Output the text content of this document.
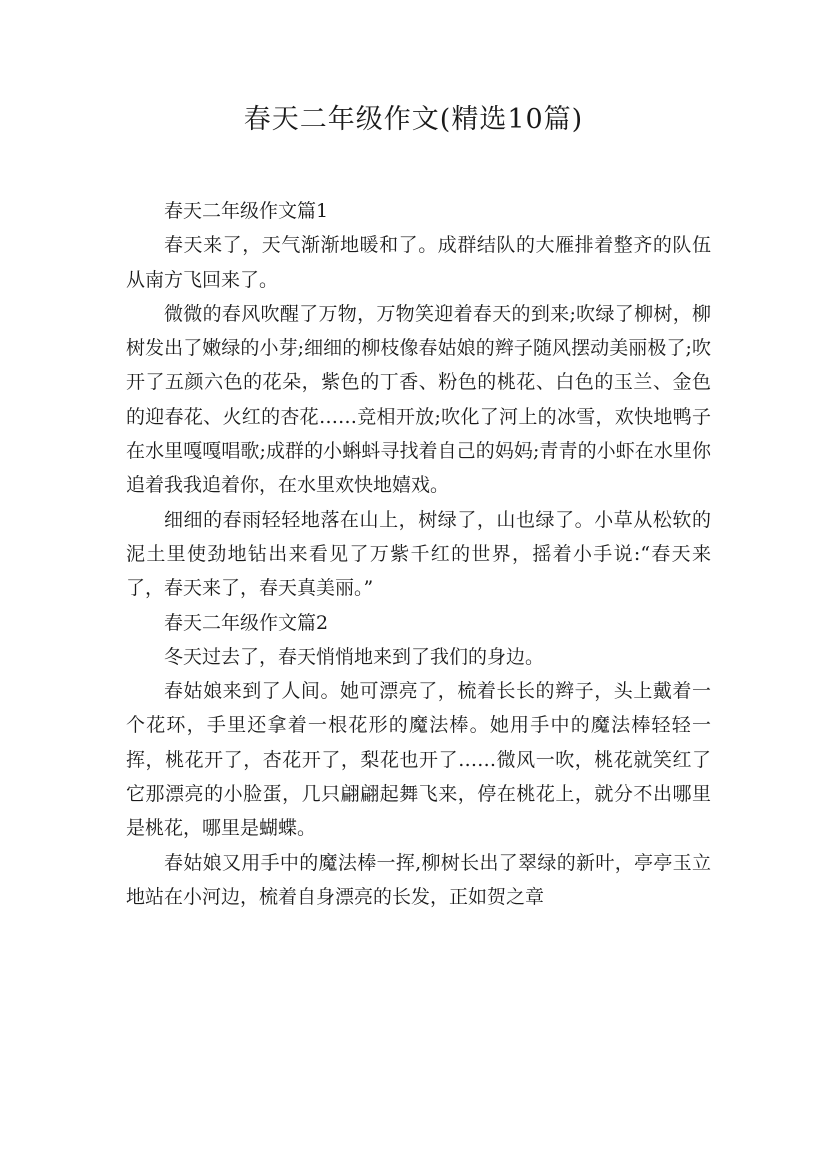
春天二年级作文(精选10篇)

春天二年级作文篇1

春天来了，天气渐渐地暖和了。成群结队的大雁排着整齐的队伍从南方飞回来了。

微微的春风吹醒了万物，万物笑迎着春天的到来;吹绿了柳树，柳树发出了嫩绿的小芽;细细的柳枝像春姑娘的辫子随风摆动美丽极了;吹开了五颜六色的花朵，紫色的丁香、粉色的桃花、白色的玉兰、金色的迎春花、火红的杏花……竞相开放;吹化了河上的冰雪，欢快地鸭子在水里嘎嘎唱歌;成群的小蝌蚪寻找着自己的妈妈;青青的小虾在水里你追着我我追着你，在水里欢快地嬉戏。

细细的春雨轻轻地落在山上，树绿了，山也绿了。小草从松软的泥土里使劲地钻出来看见了万紫千红的世界，摇着小手说:“春天来了，春天来了，春天真美丽。”

春天二年级作文篇2

冬天过去了，春天悄悄地来到了我们的身边。

春姑娘来到了人间。她可漂亮了，梳着长长的辫子，头上戴着一个花环，手里还拿着一根花形的魔法棒。她用手中的魔法棒轻轻一挥，桃花开了，杏花开了，梨花也开了……微风一吹，桃花就笑红了它那漂亮的小脸蛋，几只翩翩起舞飞来，停在桃花上，就分不出哪里是桃花，哪里是蝴蝶。

春姑娘又用手中的魔法棒一挥,柳树长出了翠绿的新叶，亭亭玉立地站在小河边，梳着自身漂亮的长发，正如贺之章
